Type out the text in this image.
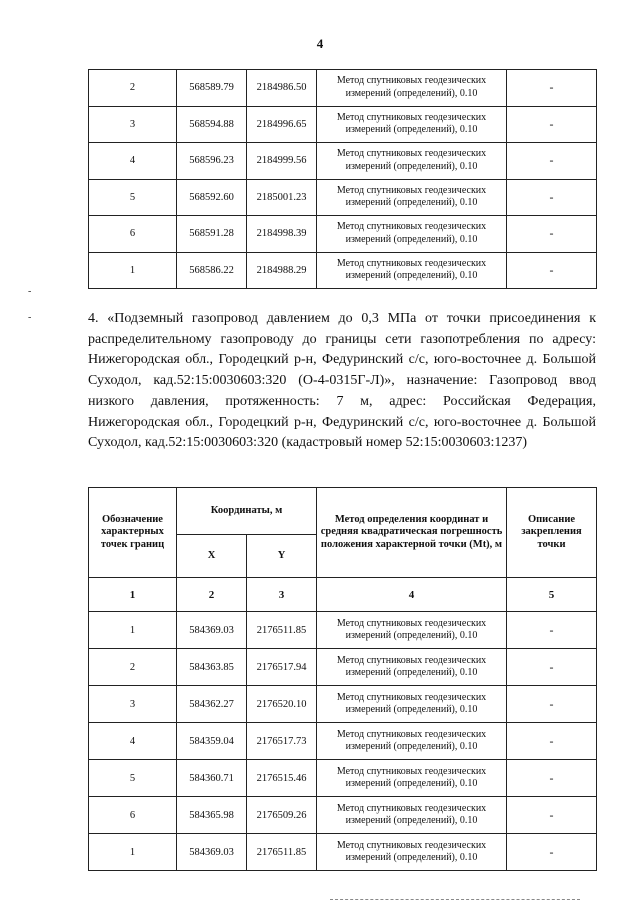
4
-
-
2	568589.79	2184986.50	Метод спутниковых геодезических измерений (определений), 0.10	-
3	568594.88	2184996.65	Метод спутниковых геодезических измерений (определений), 0.10	-
4	568596.23	2184999.56	Метод спутниковых геодезических измерений (определений), 0.10	-
5	568592.60	2185001.23	Метод спутниковых геодезических измерений (определений), 0.10	-
6	568591.28	2184998.39	Метод спутниковых геодезических измерений (определений), 0.10	-
1	568586.22	2184988.29	Метод спутниковых геодезических измерений (определений), 0.10	-

4. «Подземный газопровод давлением до 0,3 МПа от точки присоединения к распределительному газопроводу до границы сети газопотребления по адресу: Нижегородская обл., Городецкий р-н, Федуринский с/с, юго-восточнее д. Большой Суходол, кад.52:15:0030603:320 (О-4-0315Г-Л)», назначение: Газопровод ввод низкого давления, протяженность: 7 м, адрес: Российская Федерация, Нижегородская обл., Городецкий р-н, Федуринский с/с, юго-восточнее д. Большой Суходол, кад.52:15:0030603:320 (кадастровый номер 52:15:0030603:1237)

Обозначение характерных точек границ	Координаты, м		Метод определения координат и средняя квадратическая погрешность положения характерной точки (Mt), м	Описание закрепления точки
	X	Y		
1	2	3	4	5
1	584369.03	2176511.85	Метод спутниковых геодезических измерений (определений), 0.10	-
2	584363.85	2176517.94	Метод спутниковых геодезических измерений (определений), 0.10	-
3	584362.27	2176520.10	Метод спутниковых геодезических измерений (определений), 0.10	-
4	584359.04	2176517.73	Метод спутниковых геодезических измерений (определений), 0.10	-
5	584360.71	2176515.46	Метод спутниковых геодезических измерений (определений), 0.10	-
6	584365.98	2176509.26	Метод спутниковых геодезических измерений (определений), 0.10	-
1	584369.03	2176511.85	Метод спутниковых геодезических измерений (определений), 0.10	-
